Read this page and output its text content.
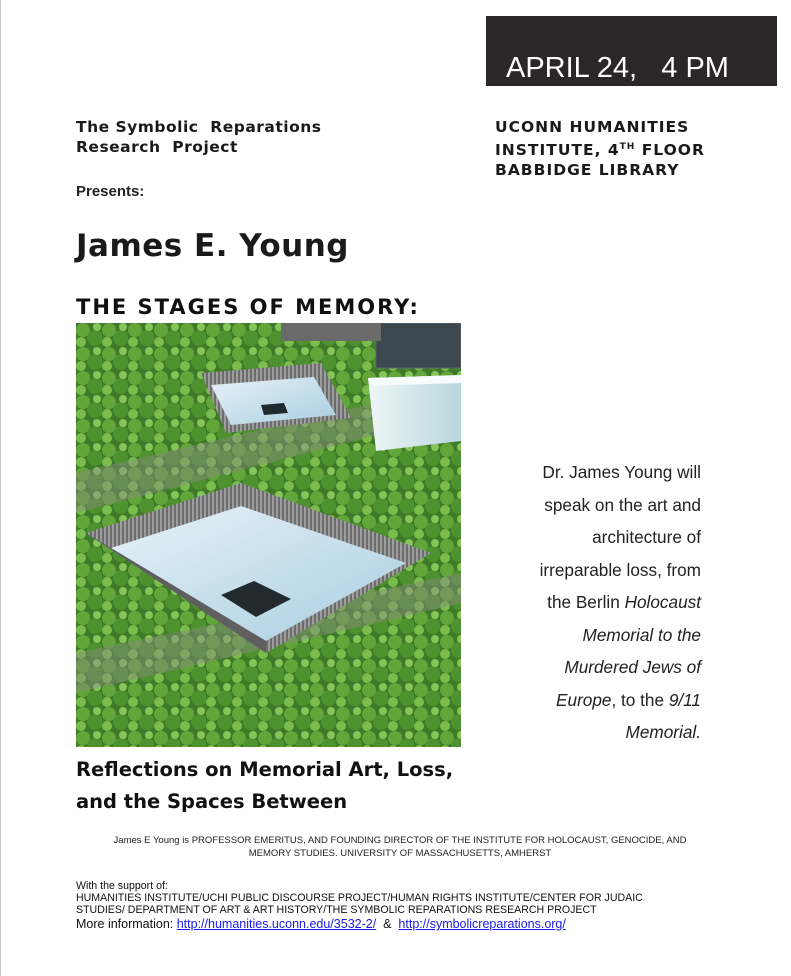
APRIL 24,   4 PM
The Symbolic  Reparations
Research  Project
UCONN HUMANITIES
INSTITUTE, 4TH FLOOR
BABBIDGE LIBRARY
Presents:
James E. Young
THE STAGES OF MEMORY:
Dr. James Young will
speak on the art and
architecture of
irreparable loss, from
the Berlin Holocaust
Memorial to the
Murdered Jews of
Europe, to the 9/11
Memorial.
Reflections on Memorial Art, Loss,
and the Spaces Between
James E Young is PROFESSOR EMERITUS, AND FOUNDING DIRECTOR OF THE INSTITUTE FOR HOLOCAUST, GENOCIDE, AND
MEMORY STUDIES. UNIVERSITY OF MASSACHUSETTS, AMHERST
With the support of:
HUMANITIES INSTITUTE/UCHI PUBLIC DISCOURSE PROJECT/HUMAN RIGHTS INSTITUTE/CENTER FOR JUDAIC
STUDIES/ DEPARTMENT OF ART & ART HISTORY/THE SYMBOLIC REPARATIONS RESEARCH PROJECT
More information: http://humanities.uconn.edu/3532-2/  &  http://symbolicreparations.org/
